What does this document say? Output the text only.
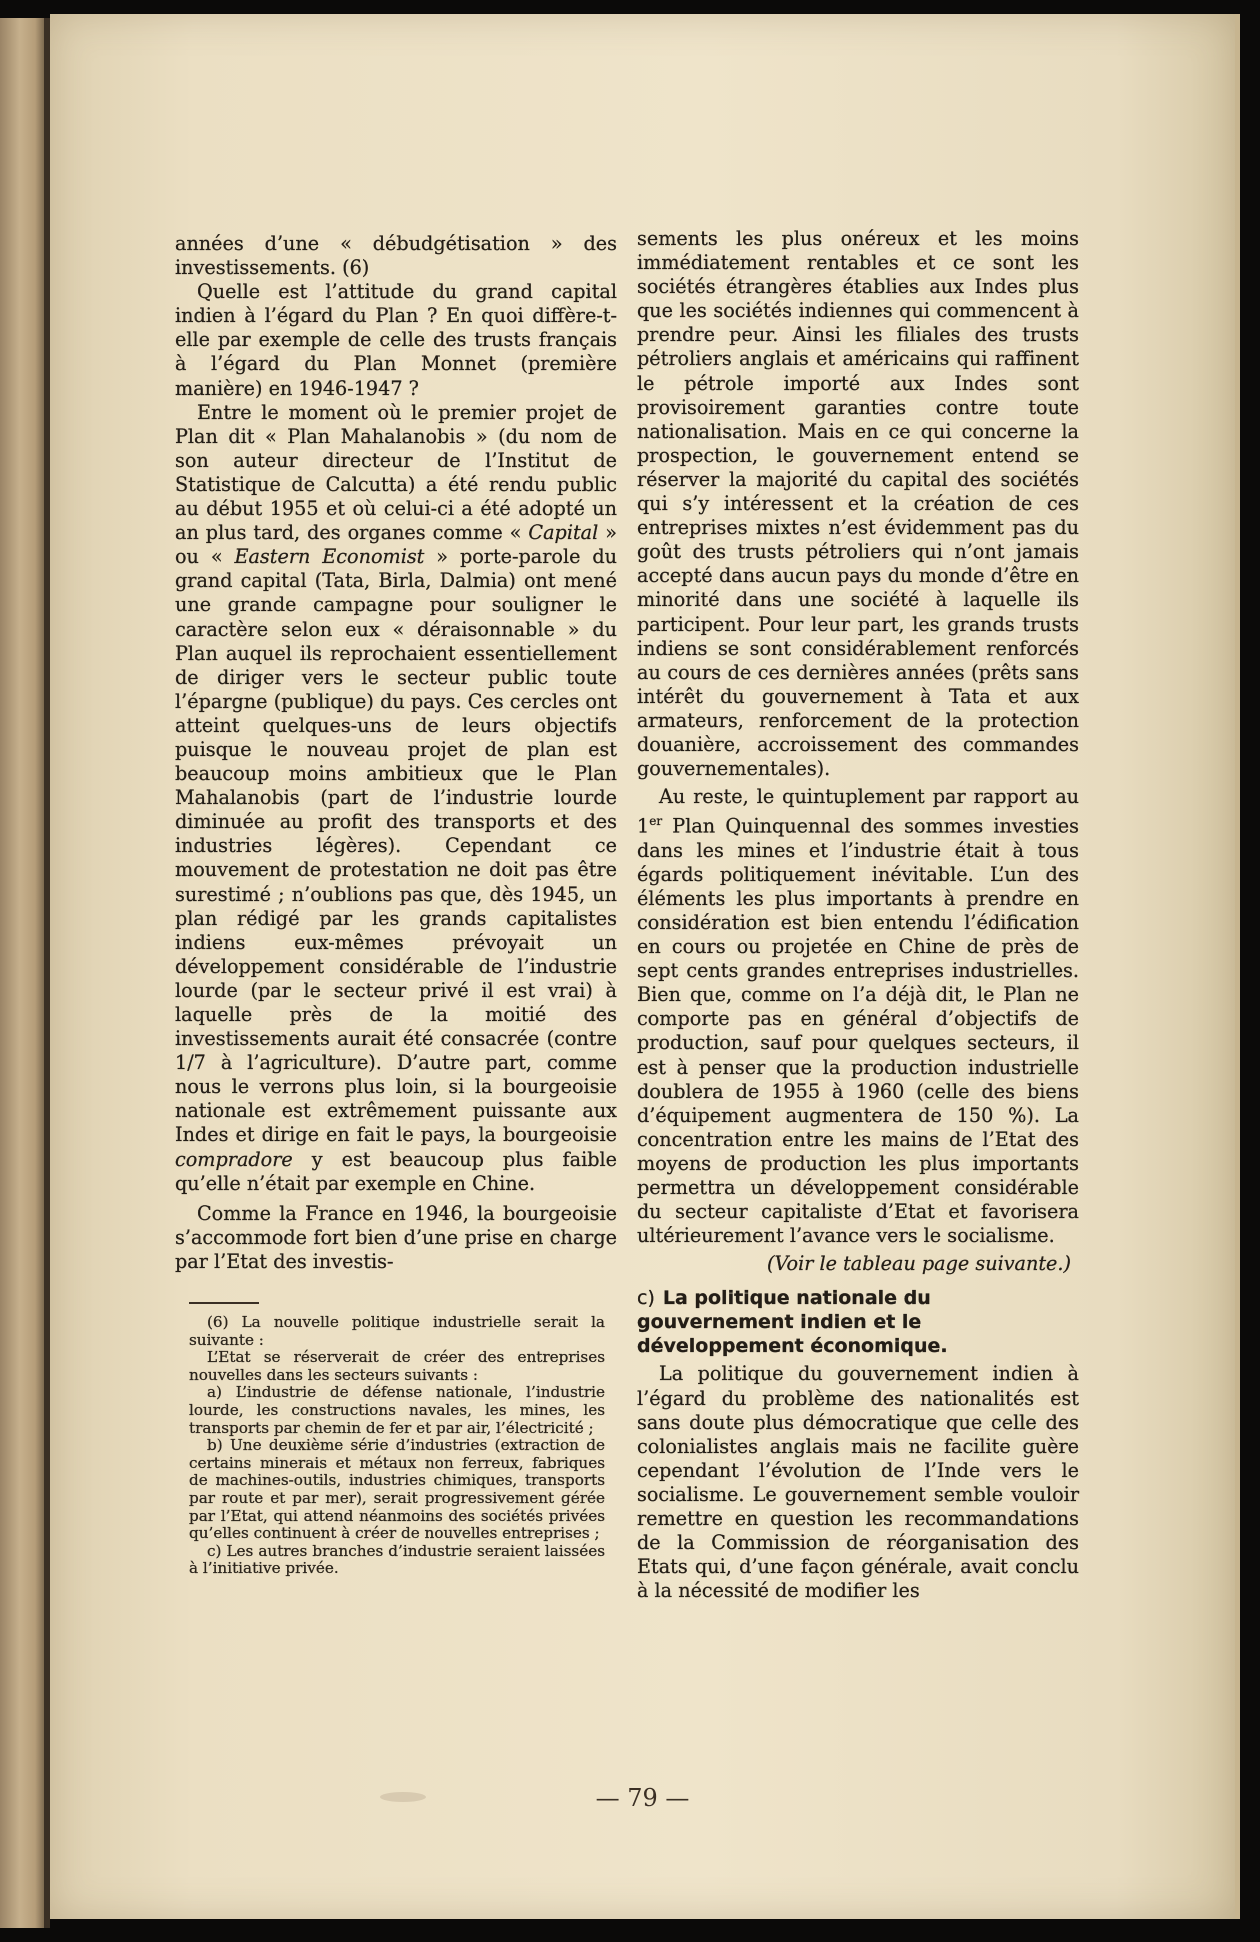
années d’une « débudgétisation » des investissements. (6)

Quelle est l’attitude du grand capital indien à l’égard du Plan ? En quoi diffère-t-elle par exemple de celle des trusts français à l’égard du Plan Monnet (première manière) en 1946-1947 ?

Entre le moment où le premier projet de Plan dit « Plan Mahalanobis » (du nom de son auteur directeur de l’Institut de Statistique de Calcutta) a été rendu public au début 1955 et où celui-ci a été adopté un an plus tard, des organes comme « Capital » ou « Eastern Economist » porte-parole du grand capital (Tata, Birla, Dalmia) ont mené une grande campagne pour souligner le caractère selon eux « déraisonnable » du Plan auquel ils reprochaient essentiellement de diriger vers le secteur public toute l’épargne (publique) du pays. Ces cercles ont atteint quelques-uns de leurs objectifs puisque le nouveau projet de plan est beaucoup moins ambitieux que le Plan Mahalanobis (part de l’industrie lourde diminuée au profit des transports et des industries légères). Cependant ce mouvement de protestation ne doit pas être surestimé ; n’oublions pas que, dès 1945, un plan rédigé par les grands capitalistes indiens eux-mêmes prévoyait un développement considérable de l’industrie lourde (par le secteur privé il est vrai) à laquelle près de la moitié des investissements aurait été consacrée (contre 1/7 à l’agriculture). D’autre part, comme nous le verrons plus loin, si la bourgeoisie nationale est extrêmement puissante aux Indes et dirige en fait le pays, la bourgeoisie compradore y est beaucoup plus faible qu’elle n’était par exemple en Chine.

Comme la France en 1946, la bourgeoisie s’accommode fort bien d’une prise en charge par l’Etat des investis-

(6) La nouvelle politique industrielle serait la suivante :

L’Etat se réserverait de créer des entreprises nouvelles dans les secteurs suivants :

a) L’industrie de défense nationale, l’industrie lourde, les constructions navales, les mines, les transports par chemin de fer et par air, l’électricité ;

b) Une deuxième série d’industries (extraction de certains minerais et métaux non ferreux, fabriques de machines-outils, industries chimiques, transports par route et par mer), serait progressivement gérée par l’Etat, qui attend néanmoins des sociétés privées qu’elles continuent à créer de nouvelles entreprises ;

c) Les autres branches d’industrie seraient laissées à l’initiative privée.

sements les plus onéreux et les moins immédiatement rentables et ce sont les sociétés étrangères établies aux Indes plus que les sociétés indiennes qui commencent à prendre peur. Ainsi les filiales des trusts pétroliers anglais et américains qui raffinent le pétrole importé aux Indes sont provisoirement garanties contre toute nationalisation. Mais en ce qui concerne la prospection, le gouvernement entend se réserver la majorité du capital des sociétés qui s’y intéressent et la création de ces entreprises mixtes n’est évidemment pas du goût des trusts pétroliers qui n’ont jamais accepté dans aucun pays du monde d’être en minorité dans une société à laquelle ils participent. Pour leur part, les grands trusts indiens se sont considérablement renforcés au cours de ces dernières années (prêts sans intérêt du gouvernement à Tata et aux armateurs, renforcement de la protection douanière, accroissement des commandes gouvernementales).

Au reste, le quintuplement par rapport au 1er Plan Quinquennal des sommes investies dans les mines et l’industrie était à tous égards politiquement inévitable. L’un des éléments les plus importants à prendre en considération est bien entendu l’édification en cours ou projetée en Chine de près de sept cents grandes entreprises industrielles. Bien que, comme on l’a déjà dit, le Plan ne comporte pas en général d’objectifs de production, sauf pour quelques secteurs, il est à penser que la production industrielle doublera de 1955 à 1960 (celle des biens d’équipement augmentera de 150 %). La concentration entre les mains de l’Etat des moyens de production les plus importants permettra un développement considérable du secteur capitaliste d’Etat et favorisera ultérieurement l’avance vers le socialisme.

(Voir le tableau page suivante.)

c) La politique nationale du gouvernement indien et le développement économique.

La politique du gouvernement indien à l’égard du problème des nationalités est sans doute plus démocratique que celle des colonialistes anglais mais ne facilite guère cependant l’évolution de l’Inde vers le socialisme. Le gouvernement semble vouloir remettre en question les recommandations de la Commission de réorganisation des Etats qui, d’une façon générale, avait conclu à la nécessité de modifier les

— 79 —
